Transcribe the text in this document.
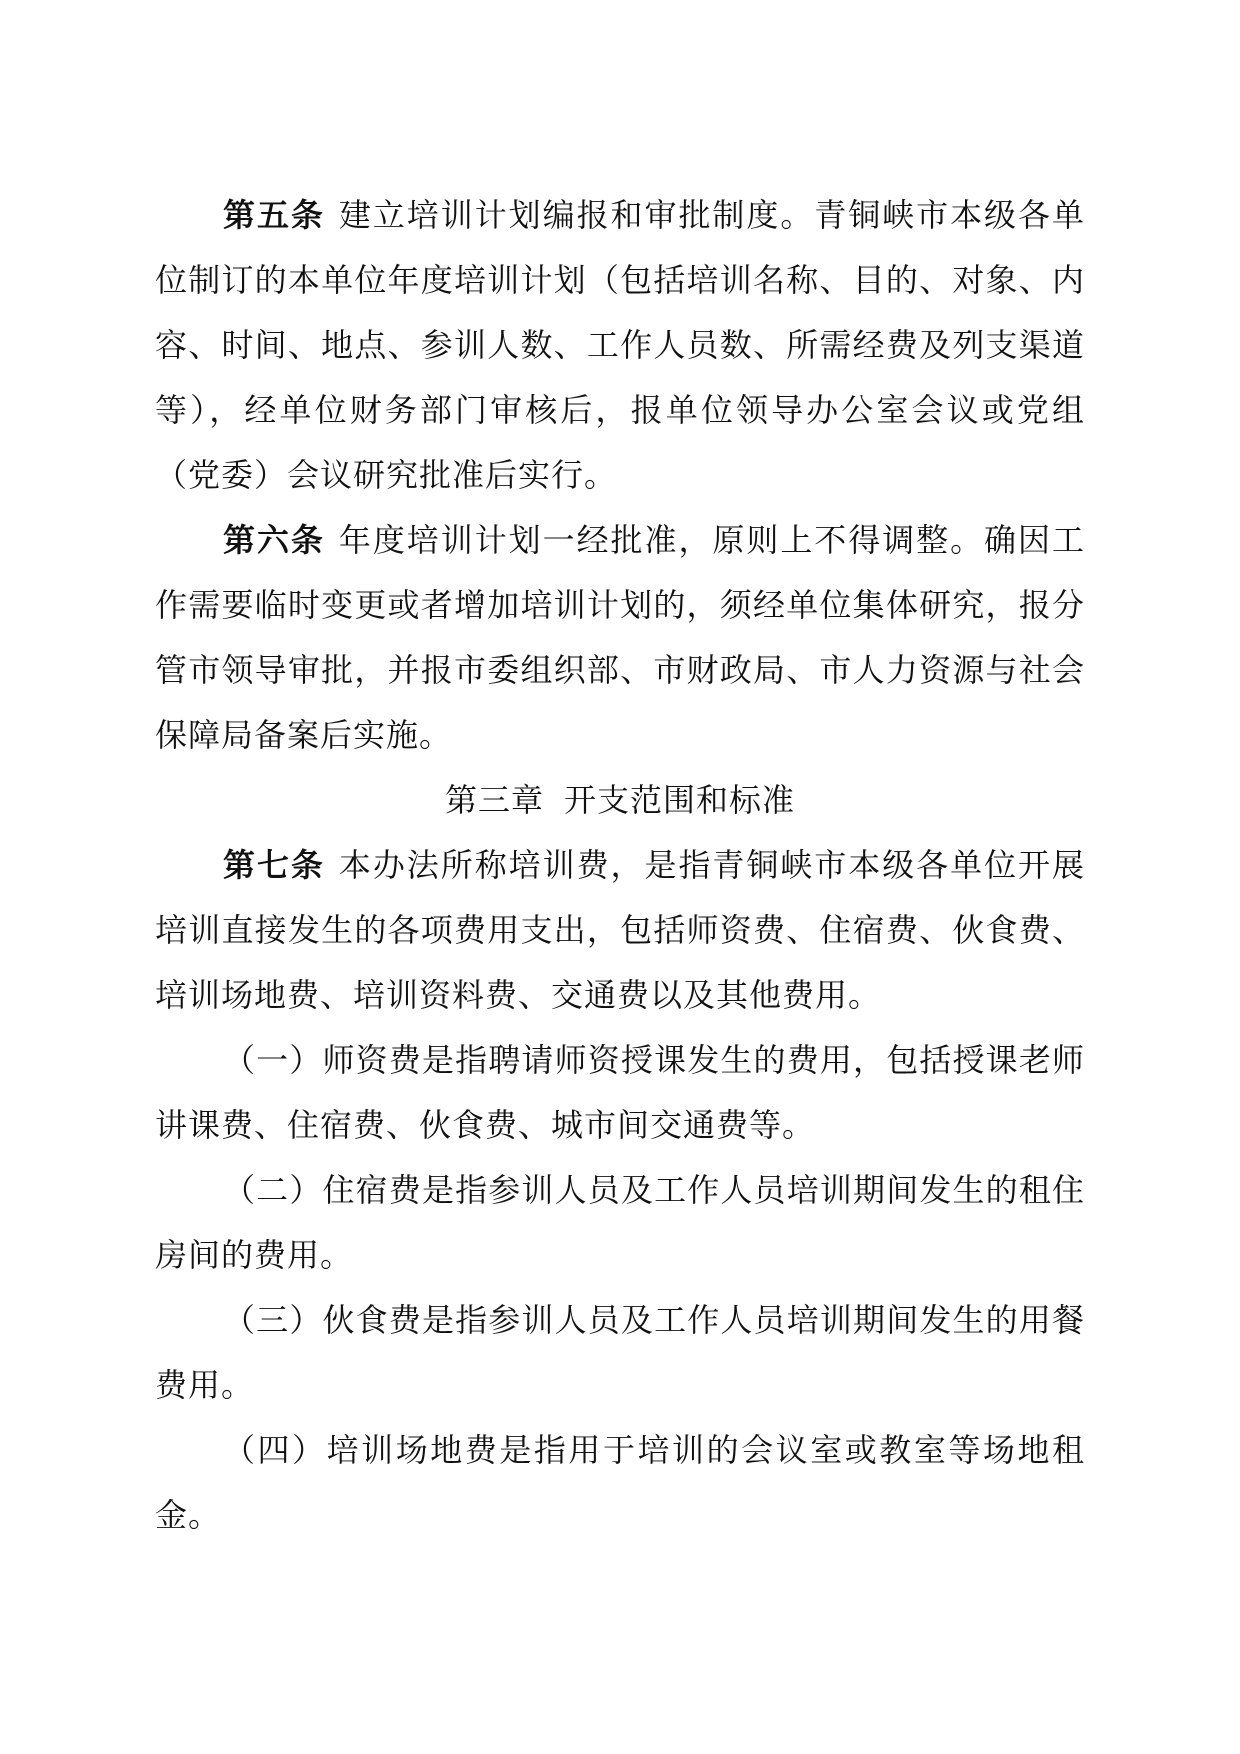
第五条 建立培训计划编报和审批制度。青铜峡市本级各单位制订的本单位年度培训计划（包括培训名称、目的、对象、内容、时间、地点、参训人数、工作人员数、所需经费及列支渠道等），经单位财务部门审核后，报单位领导办公室会议或党组（党委）会议研究批准后实行。

第六条 年度培训计划一经批准，原则上不得调整。确因工作需要临时变更或者增加培训计划的，须经单位集体研究，报分管市领导审批，并报市委组织部、市财政局、市人力资源与社会保障局备案后实施。

第三章 开支范围和标准

第七条 本办法所称培训费，是指青铜峡市本级各单位开展培训直接发生的各项费用支出，包括师资费、住宿费、伙食费、培训场地费、培训资料费、交通费以及其他费用。

（一）师资费是指聘请师资授课发生的费用，包括授课老师讲课费、住宿费、伙食费、城市间交通费等。

（二）住宿费是指参训人员及工作人员培训期间发生的租住房间的费用。

（三）伙食费是指参训人员及工作人员培训期间发生的用餐费用。

（四）培训场地费是指用于培训的会议室或教室等场地租金。
